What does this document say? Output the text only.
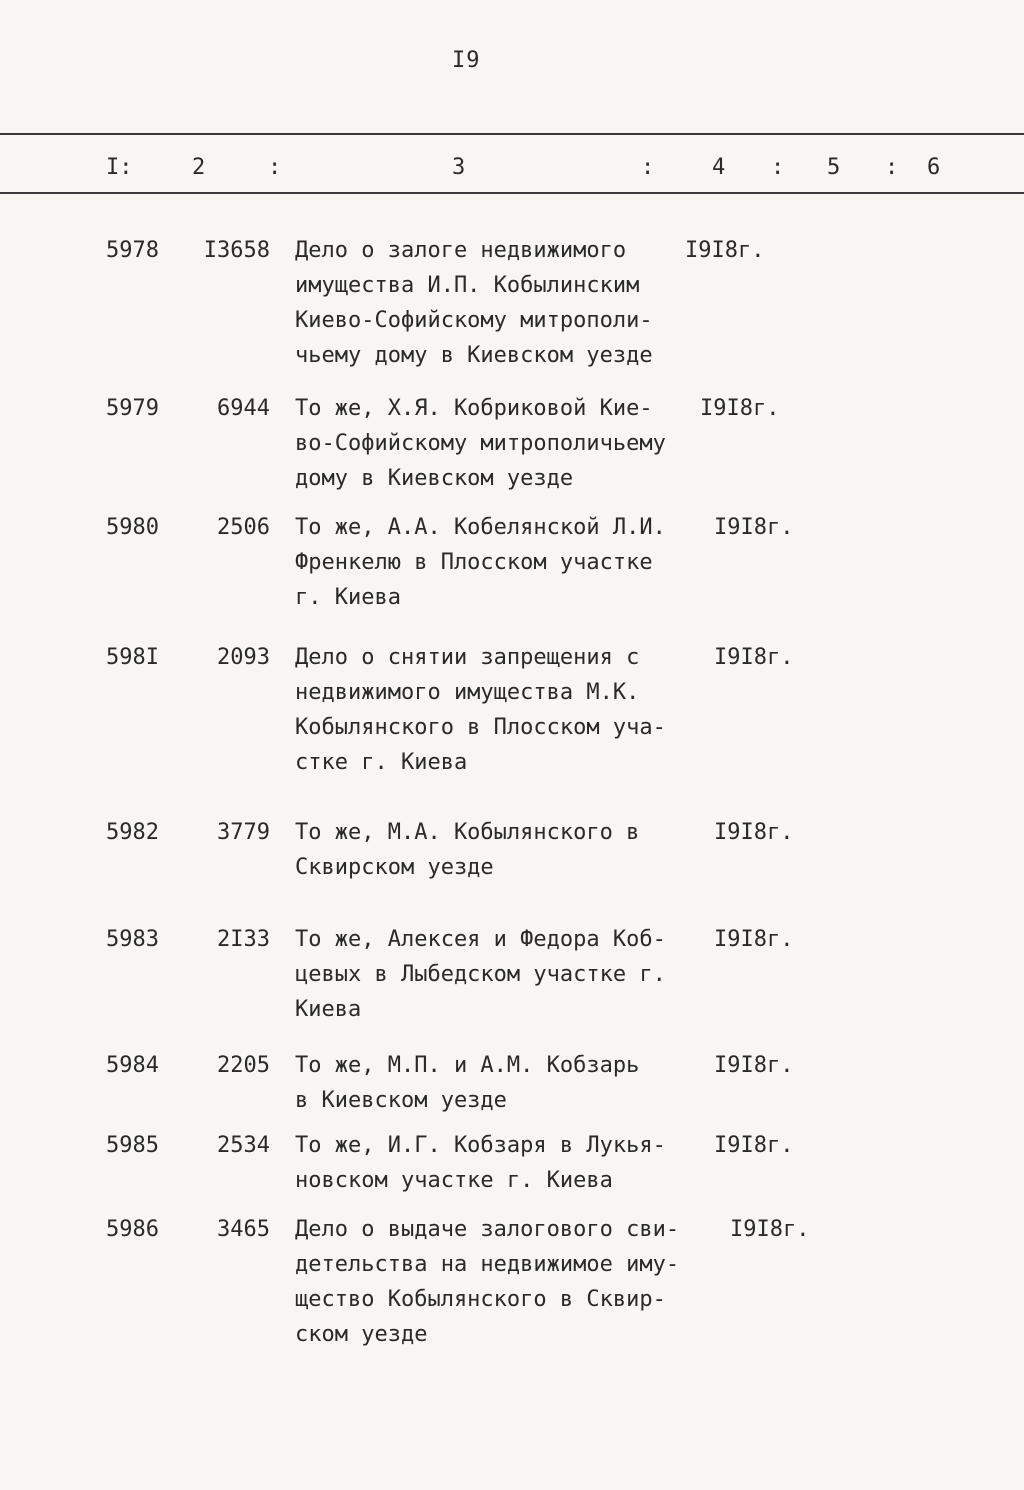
I9
I:	2	:	3	:	4 : 5 : 6
5978	I3658 Дело о залоге недвижимого
имущества И.П. Кобылинским
Киево-Софийскому митрополи-
чьему дому в Киевском уезде
I9I8г.
5979	6944 То же, Х.Я. Кобриковой Кие-
во-Софийскому митрополичьему
дому в Киевском уезде
I9I8г.
5980	2506 То же, А.А. Кобелянской Л.И.
Френкелю в Плосском участке
г. Киева
I9I8г.
598I	2093 Дело о снятии запрещения с
недвижимого имущества М.К.
Кобылянского в Плосском уча-
стке г. Киева
I9I8г.
5982	3779 То же, М.А. Кобылянского в
Сквирском уезде
I9I8г.
5983	2I33 То же, Алексея и Федора Коб-
цевых в Лыбедском участке г.
Киева
I9I8г.
5984	2205 То же, М.П. и А.М. Кобзарь
в Киевском уезде
I9I8г.
5985	2534 То же, И.Г. Кобзаря в Лукья-
новском участке г. Киева
I9I8г.
5986	3465 Дело о выдаче залогового сви-
детельства на недвижимое иму-
щество Кобылянского в Сквир-
ском уезде
I9I8г.
